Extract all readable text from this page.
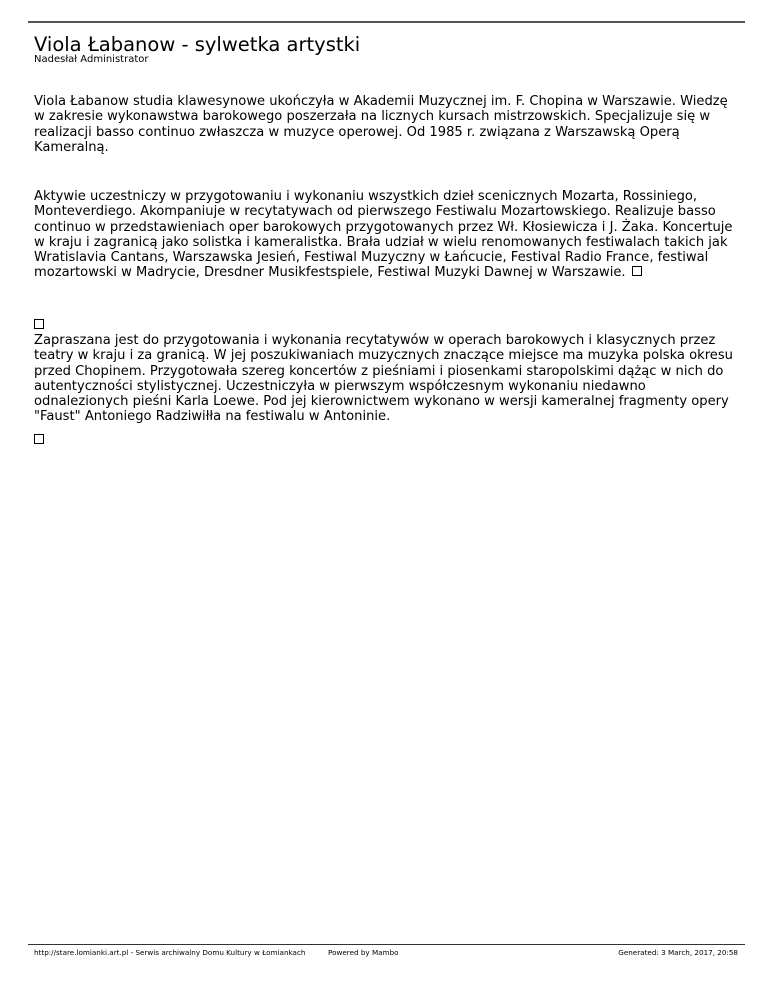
Viola Łabanow - sylwetka artystki
Nadesłał Administrator

Viola Łabanow studia klawesynowe ukończyła w Akademii Muzycznej im. F. Chopina w Warszawie. Wiedzę w zakresie wykonawstwa barokowego poszerzała na licznych kursach mistrzowskich. Specjalizuje się w realizacji basso continuo zwłaszcza w muzyce operowej. Od 1985 r. związana z Warszawską Operą Kameralną.

Aktywie uczestniczy w przygotowaniu i wykonaniu wszystkich dzieł scenicznych Mozarta, Rossiniego, Monteverdiego. Akompaniuje w recytatywach od pierwszego Festiwalu Mozartowskiego. Realizuje basso continuo w przedstawieniach oper barokowych przygotowanych przez Wł. Kłosiewicza i J. Żaka. Koncertuje w kraju i zagranicą jako solistka i kameralistka. Brała udział w wielu renomowanych festiwalach takich jak Wratislavia Cantans, Warszawska Jesień, Festiwal Muzyczny w Łańcucie, Festival Radio France, festiwal mozartowski w Madrycie, Dresdner Musikfestspiele, Festiwal Muzyki Dawnej w Warszawie.

Zapraszana jest do przygotowania i wykonania recytatywów w operach barokowych i klasycznych przez teatry w kraju i za granicą. W jej poszukiwaniach muzycznych znaczące miejsce ma muzyka polska okresu przed Chopinem. Przygotowała szereg koncertów z pieśniami i piosenkami staropolskimi dążąc w nich do autentyczności stylistycznej. Uczestniczyła w pierwszym współczesnym wykonaniu niedawno odnalezionych pieśni Karla Loewe. Pod jej kierownictwem wykonano w wersji kameralnej fragmenty opery "Faust" Antoniego Radziwiłła na festiwalu w Antoninie.
http://stare.lomianki.art.pl - Serwis archiwalny Domu Kultury w Łomiankach	Powered by Mambo	Generated: 3 March, 2017, 20:58
